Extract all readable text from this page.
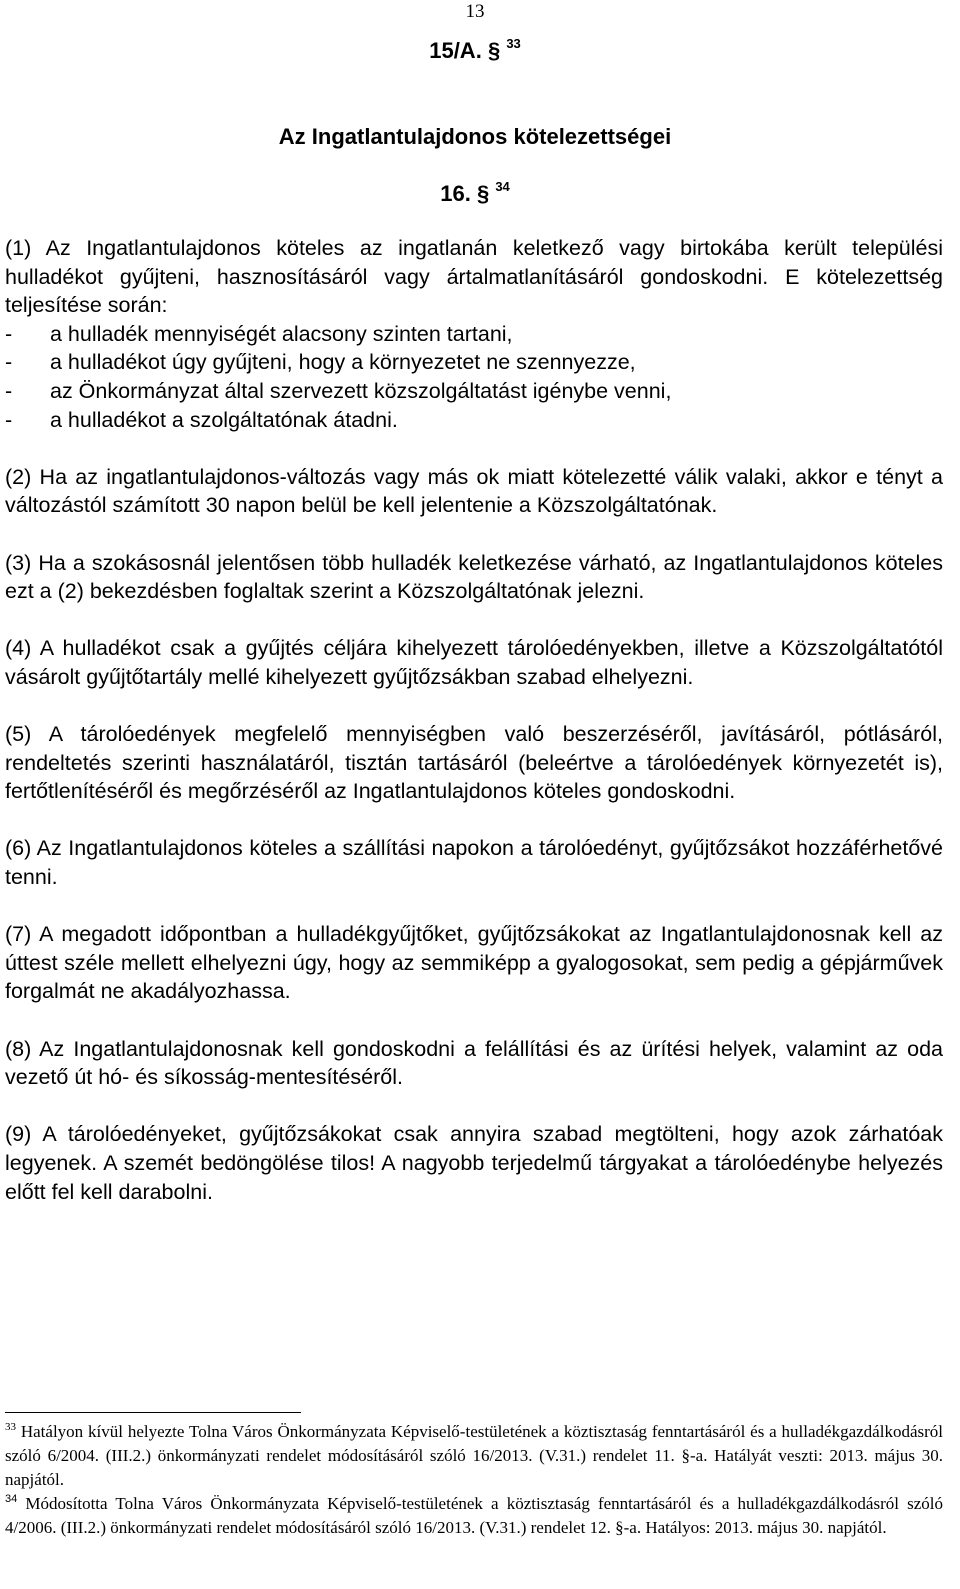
13
15/A. § $^{33}$
Az Ingatlantulajdonos kötelezettségei
16. § $^{34}$
(1) Az Ingatlantulajdonos köteles az ingatlanán keletkező vagy birtokába került települési hulladékot gyűjteni, hasznosításáról vagy ártalmatlanításáról gondoskodni. E kötelezettség teljesítése során:
-	a hulladék mennyiségét alacsony szinten tartani,
-	a hulladékot úgy gyűjteni, hogy a környezetet ne szennyezze,
-	az Önkormányzat által szervezett közszolgáltatást igénybe venni,
-	a hulladékot a szolgáltatónak átadni.

(2) Ha az ingatlantulajdonos-változás vagy más ok miatt kötelezetté válik valaki, akkor e tényt a változástól számított 30 napon belül be kell jelentenie a Közszolgáltatónak.

(3) Ha a szokásosnál jelentősen több hulladék keletkezése várható, az Ingatlantulajdonos köteles ezt a (2) bekezdésben foglaltak szerint a Közszolgáltatónak jelezni.

(4) A hulladékot csak a gyűjtés céljára kihelyezett tárolóedényekben, illetve a Közszolgáltatótól vásárolt gyűjtőtartály mellé kihelyezett gyűjtőzsákban szabad elhelyezni.

(5) A tárolóedények megfelelő mennyiségben való beszerzéséről, javításáról, pótlásáról, rendeltetés szerinti használatáról, tisztán tartásáról (beleértve a tárolóedények környezetét is), fertőtlenítéséről és megőrzéséről az Ingatlantulajdonos köteles gondoskodni.

(6) Az Ingatlantulajdonos köteles a szállítási napokon a tárolóedényt, gyűjtőzsákot hozzáférhetővé tenni.

(7) A megadott időpontban a hulladékgyűjtőket, gyűjtőzsákokat az Ingatlantulajdonosnak kell az úttest széle mellett elhelyezni úgy, hogy az semmiképp a gyalogosokat, sem pedig a gépjárművek forgalmát ne akadályozhassa.

(8) Az Ingatlantulajdonosnak kell gondoskodni a felállítási és az ürítési helyek, valamint az oda vezető út hó- és síkosság-mentesítéséről.

(9) A tárolóedényeket, gyűjtőzsákokat csak annyira szabad megtölteni, hogy azok zárhatóak legyenek. A szemét bedöngölése tilos! A nagyobb terjedelmű tárgyakat a tárolóedénybe helyezés előtt fel kell darabolni.

$^{33}$ Hatályon kívül helyezte Tolna Város Önkormányzata Képviselő-testületének a köztisztaság fenntartásáról és a hulladékgazdálkodásról szóló 6/2004. (III.2.) önkormányzati rendelet módosításáról szóló 16/2013. (V.31.) rendelet 11. §-a. Hatályát veszti: 2013. május 30. napjától.

$^{34}$ Módosította Tolna Város Önkormányzata Képviselő-testületének a köztisztaság fenntartásáról és a hulladékgazdálkodásról szóló 4/2006. (III.2.) önkormányzati rendelet módosításáról szóló 16/2013. (V.31.) rendelet 12. §-a. Hatályos: 2013. május 30. napjától.
